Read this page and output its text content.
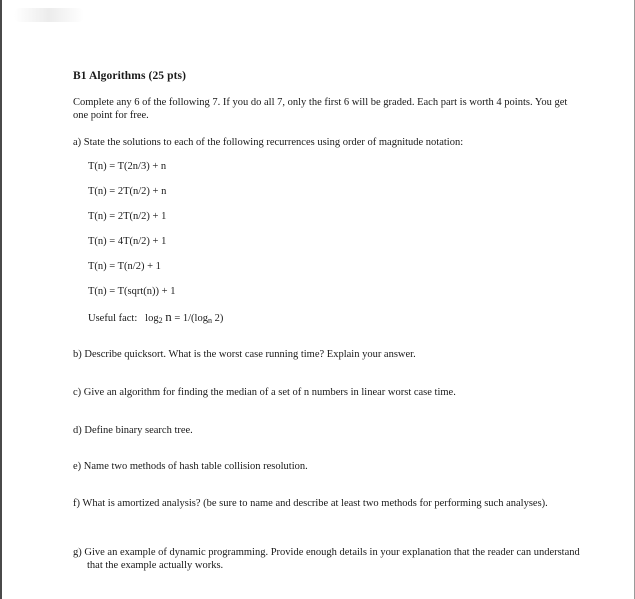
B1 Algorithms (25 pts)
Complete any 6 of the following 7. If you do all 7, only the first 6 will be graded. Each part is worth 4 points. You get one point for free.
a) State the solutions to each of the following recurrences using order of magnitude notation:
T(n) = T(2n/3) + n
T(n) = 2T(n/2) + n
T(n) = 2T(n/2) + 1
T(n) = 4T(n/2) + 1
T(n) = T(n/2) + 1
T(n) = T(sqrt(n)) + 1
Useful fact: $\log_2 n = 1/(\log_n$ 2)
b) Describe quicksort. What is the worst case running time? Explain your answer.
c) Give an algorithm for finding the median of a set of n numbers in linear worst case time.
d) Define binary search tree.
e) Name two methods of hash table collision resolution.
f) What is amortized analysis? (be sure to name and describe at least two methods for performing such analyses).
g) Give an example of dynamic programming. Provide enough details in your explanation that the reader can understand that the example actually works.
